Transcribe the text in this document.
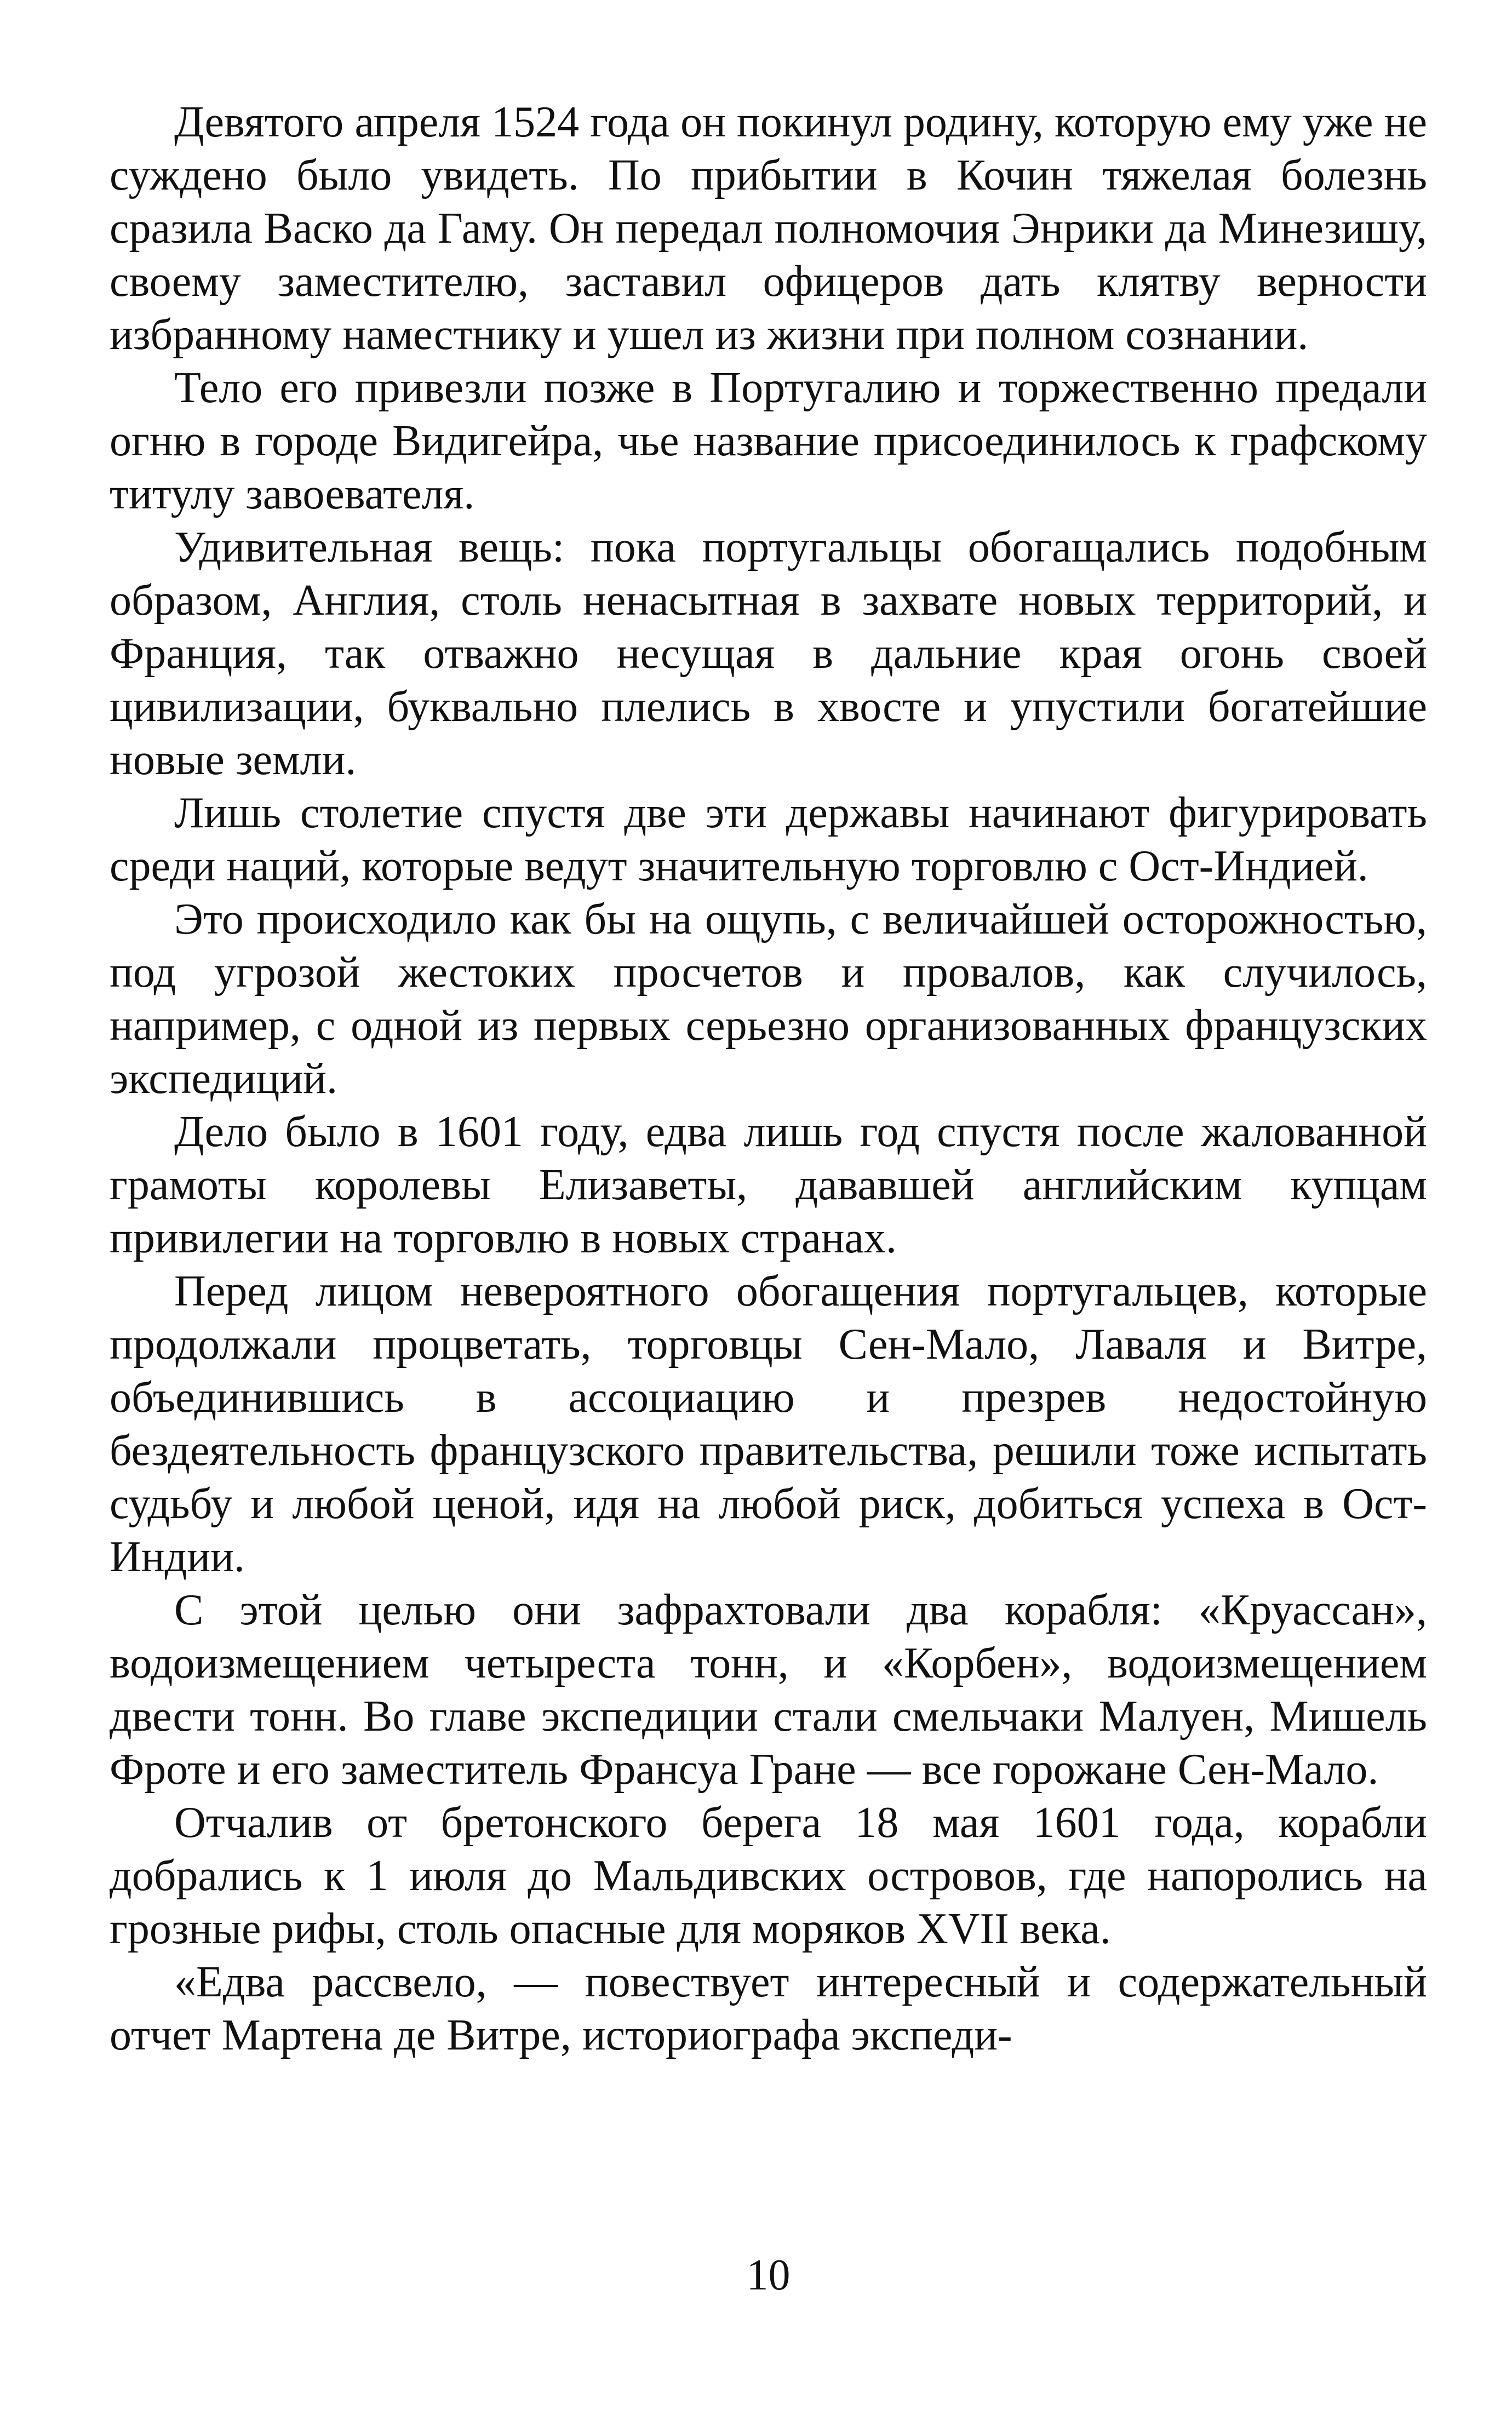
Девятого апреля 1524 года он покинул родину, которую ему уже не суждено было увидеть. По прибытии в Кочин тяжелая болезнь сразила Васко да Гаму. Он передал полномочия Энрики да Минезишу, своему заместителю, заставил офицеров дать клятву верности избранному наместнику и ушел из жизни при полном сознании.

Тело его привезли позже в Португалию и торжественно предали огню в городе Видигейра, чье название присоединилось к графскому титулу завоевателя.

Удивительная вещь: пока португальцы обогащались подобным образом, Англия, столь ненасытная в захвате новых территорий, и Франция, так отважно несущая в дальние края огонь своей цивилизации, буквально плелись в хвосте и упустили богатейшие новые земли.

Лишь столетие спустя две эти державы начинают фигурировать среди наций, которые ведут значительную торговлю с Ост-Индией.

Это происходило как бы на ощупь, с величайшей осторожностью, под угрозой жестоких просчетов и провалов, как случилось, например, с одной из первых серьезно организованных французских экспедиций.

Дело было в 1601 году, едва лишь год спустя после жалованной грамоты королевы Елизаветы, дававшей английским купцам привилегии на торговлю в новых странах.

Перед лицом невероятного обогащения португальцев, которые продолжали процветать, торговцы Сен-Мало, Лаваля и Витре, объединившись в ассоциацию и презрев недостойную бездеятельность французского правительства, решили тоже испытать судьбу и любой ценой, идя на любой риск, добиться успеха в Ост-Индии.

С этой целью они зафрахтовали два корабля: «Круассан», водоизмещением четыреста тонн, и «Корбен», водоизмещением двести тонн. Во главе экспедиции стали смельчаки Малуен, Мишель Фроте и его заместитель Франсуа Гране — все горожане Сен-Мало.

Отчалив от бретонского берега 18 мая 1601 года, корабли добрались к 1 июля до Мальдивских островов, где напоролись на грозные рифы, столь опасные для моряков XVII века.

«Едва рассвело, — повествует интересный и содержательный отчет Мартена де Витре, историографа экспеди-

10
